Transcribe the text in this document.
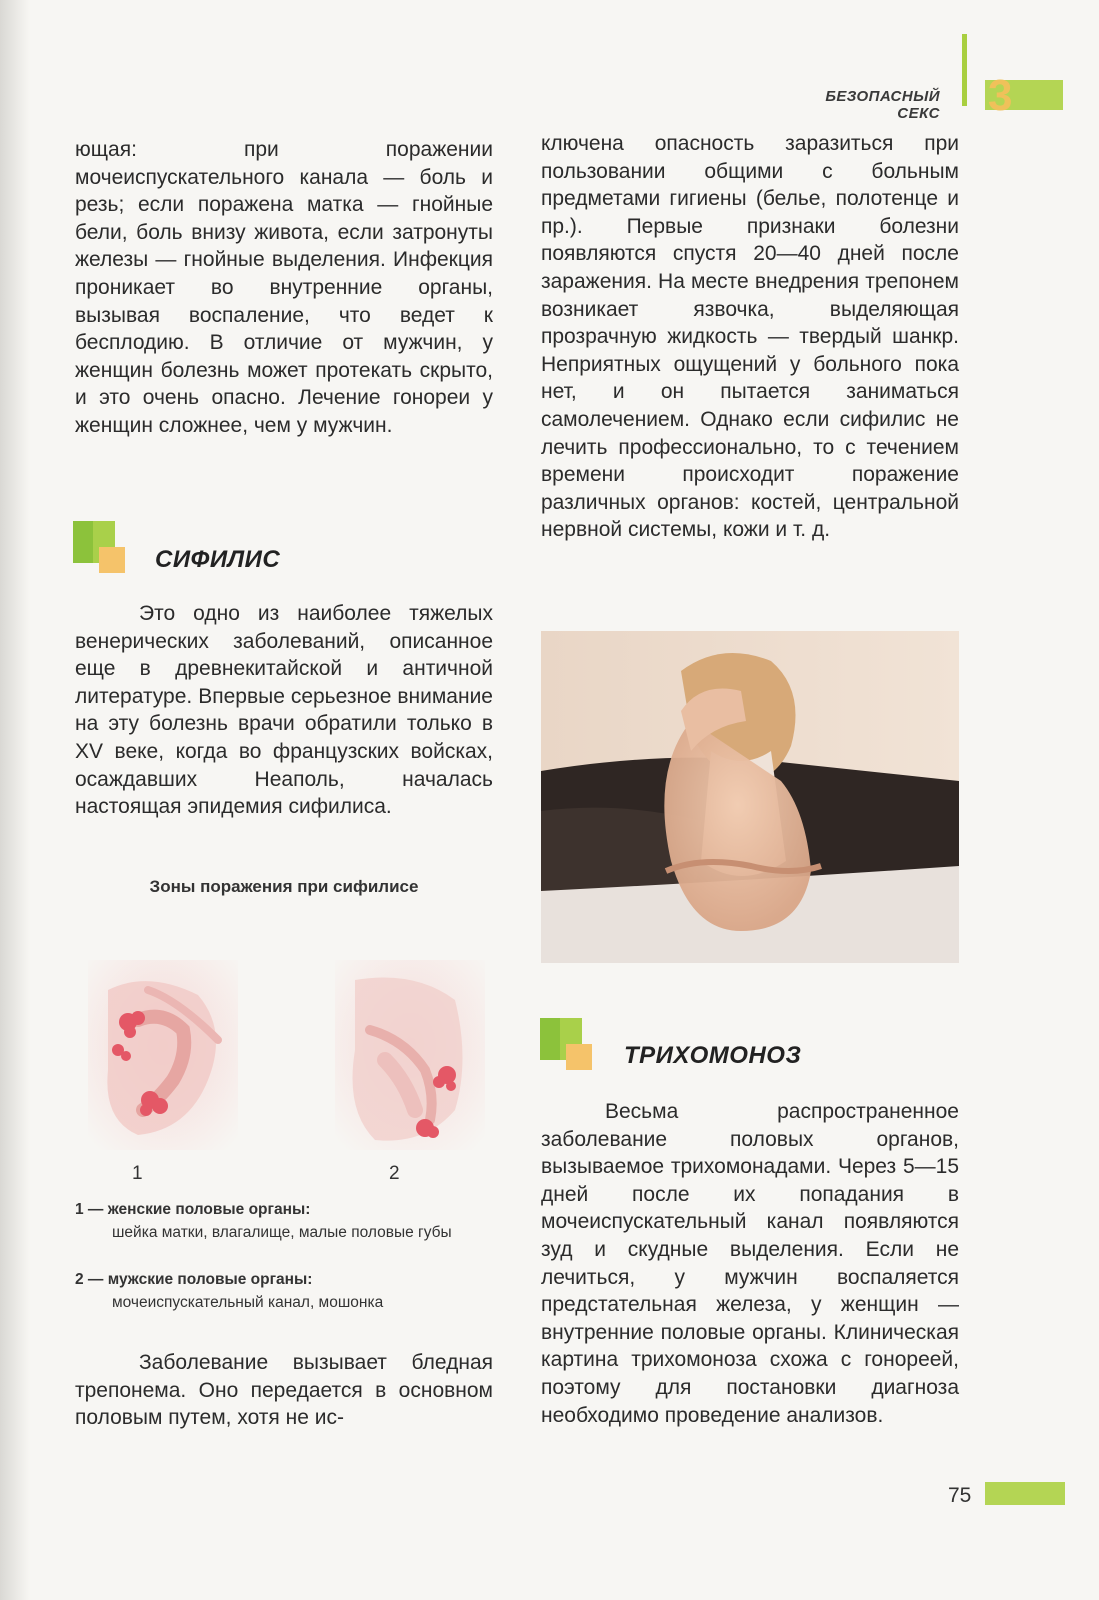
БЕЗОПАСНЫЙ СЕКС 3

ющая: при поражении мочеиспускательного канала — боль и резь; если поражена матка — гнойные бели, боль внизу живота, если затронуты железы — гнойные выделения. Инфекция проникает во внутренние органы, вызывая воспаление, что ведет к бесплодию. В отличие от мужчин, у женщин болезнь может протекать скрыто, и это очень опасно. Лечение гонореи у женщин сложнее, чем у мужчин.

СИФИЛИС

Это одно из наиболее тяжелых венерических заболеваний, описанное еще в древнекитайской и античной литературе. Впервые серьезное внимание на эту болезнь врачи обратили только в XV веке, когда во французских войсках, осаждавших Неаполь, началась настоящая эпидемия сифилиса.

Зоны поражения при сифилисе
1	2
1 — женские половые органы:
шейка матки, влагалище, малые половые губы
2 — мужские половые органы:
мочеиспускательный канал, мошонка

Заболевание вызывает бледная трепонема. Оно передается в основном половым путем, хотя не ис-

ключена опасность заразиться при пользовании общими с больным предметами гигиены (белье, полотенце и пр.). Первые признаки болезни появляются спустя 20—40 дней после заражения. На месте внедрения трепонем возникает язвочка, выделяющая прозрачную жидкость — твердый шанкр. Неприятных ощущений у больного пока нет, и он пытается заниматься самолечением. Однако если сифилис не лечить профессионально, то с течением времени происходит поражение различных органов: костей, центральной нервной системы, кожи и т. д.

ТРИХОМОНОЗ

Весьма распространенное заболевание половых органов, вызываемое трихомонадами. Через 5—15 дней после их попадания в мочеиспускательный канал появляются зуд и скудные выделения. Если не лечиться, у мужчин воспаляется предстательная железа, у женщин — внутренние половые органы. Клиническая картина трихомоноза схожа с гонореей, поэтому для постановки диагноза необходимо проведение анализов.

75
